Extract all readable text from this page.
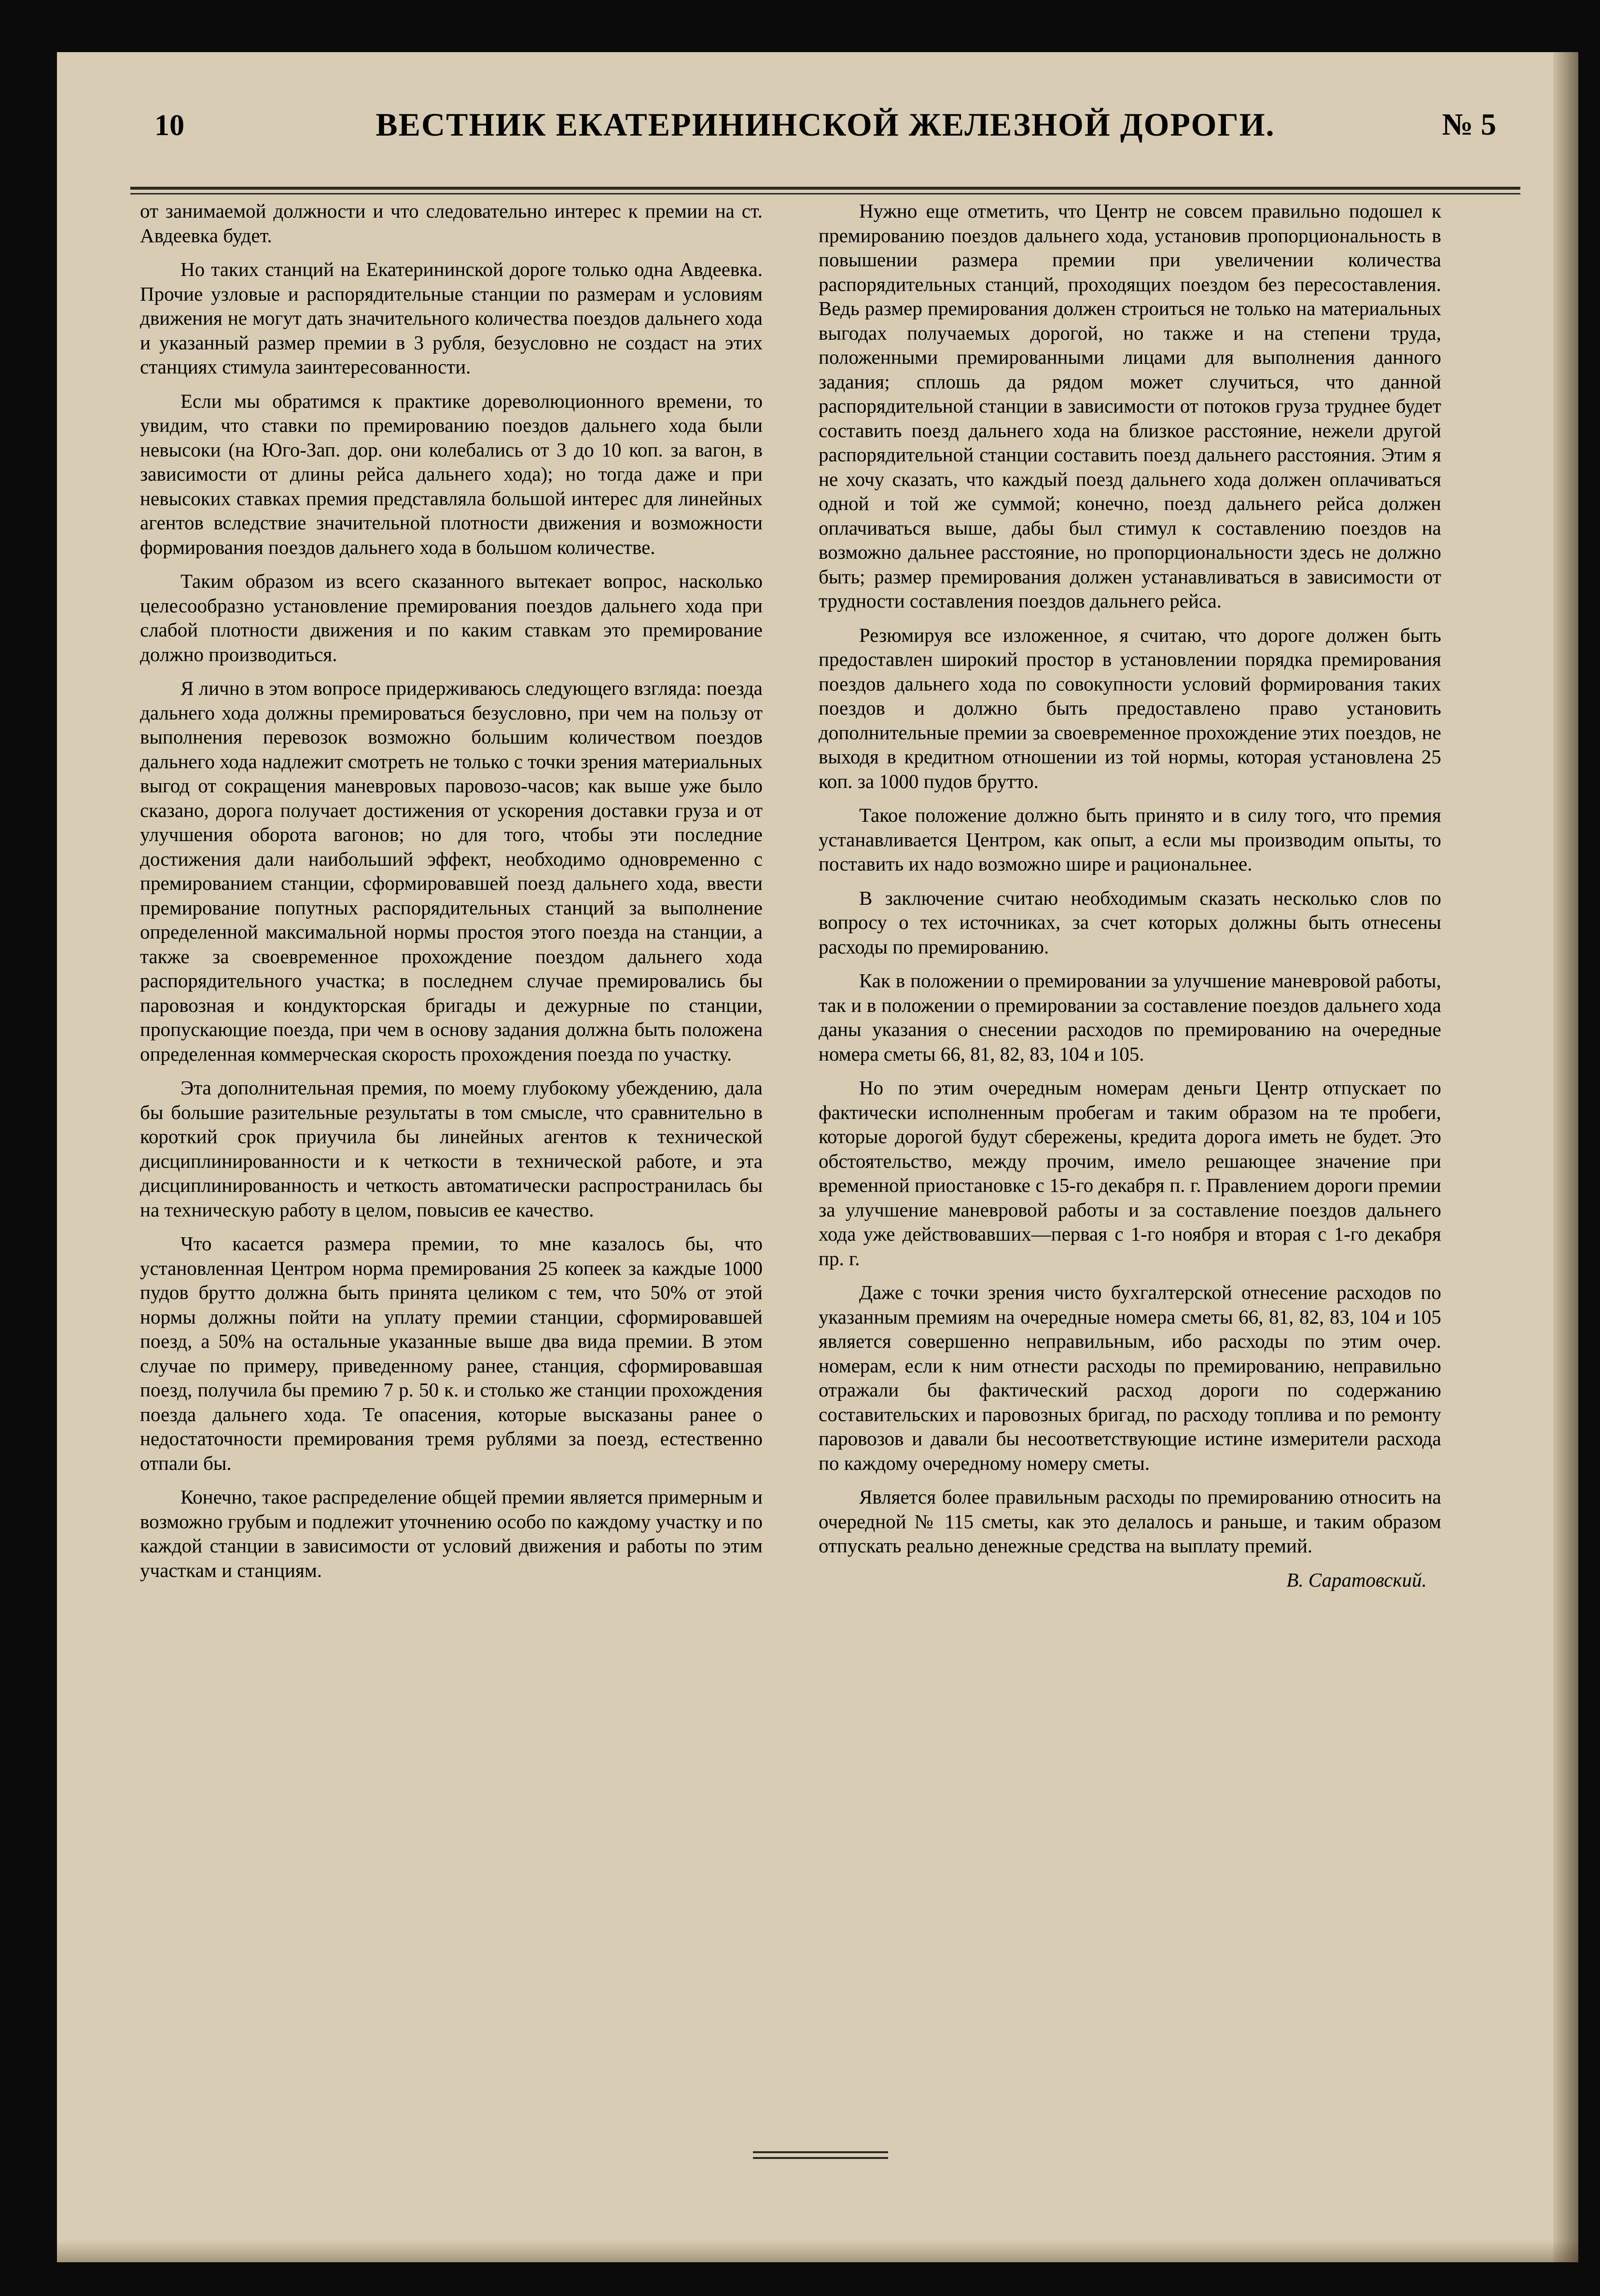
10	ВЕСТНИК ЕКАТЕРИНИНСКОЙ ЖЕЛЕЗНОЙ ДОРОГИ.	№ 5

от занимаемой должности и что следовательно интерес к премии на ст. Авдеевка будет.

Но таких станций на Екатерининской дороге только одна Авдеевка. Прочие узловые и распорядительные станции по размерам и условиям движения не могут дать значительного количества поездов дальнего хода и указанный размер премии в 3 рубля, безусловно не создаст на этих станциях стимула заинтересованности.

Если мы обратимся к практике дореволюционного времени, то увидим, что ставки по премированию поездов дальнего хода были невысоки (на Юго-Зап. дор. они колебались от 3 до 10 коп. за вагон, в зависимости от длины рейса дальнего хода); но тогда даже и при невысоких ставках премия представляла большой интерес для линейных агентов вследствие значительной плотности движения и возможности формирования поездов дальнего хода в большом количестве.

Таким образом из всего сказанного вытекает вопрос, насколько целесообразно установление премирования поездов дальнего хода при слабой плотности движения и по каким ставкам это премирование должно производиться.

Я лично в этом вопросе придерживаюсь следующего взгляда: поезда дальнего хода должны премироваться безусловно, при чем на пользу от выполнения перевозок возможно большим количеством поездов дальнего хода надлежит смотреть не только с точки зрения материальных выгод от сокращения маневровых паровозо-часов; как выше уже было сказано, дорога получает достижения от ускорения доставки груза и от улучшения оборота вагонов; но для того, чтобы эти последние достижения дали наибольший эффект, необходимо одновременно с премированием станции, сформировавшей поезд дальнего хода, ввести премирование попутных распорядительных станций за выполнение определенной максимальной нормы простоя этого поезда на станции, а также за своевременное прохождение поездом дальнего хода распорядительного участка; в последнем случае премировались бы паровозная и кондукторская бригады и дежурные по станции, пропускающие поезда, при чем в основу задания должна быть положена определенная коммерческая скорость прохождения поезда по участку.

Эта дополнительная премия, по моему глубокому убеждению, дала бы большие разительные результаты в том смысле, что сравнительно в короткий срок приучила бы линейных агентов к технической дисциплинированности и к четкости в технической работе, и эта дисциплинированность и четкость автоматически распространилась бы на техническую работу в целом, повысив ее качество.

Что касается размера премии, то мне казалось бы, что установленная Центром норма премирования 25 копеек за каждые 1000 пудов брутто должна быть принята целиком с тем, что 50% от этой нормы должны пойти на уплату премии станции, сформировавшей поезд, а 50% на остальные указанные выше два вида премии. В этом случае по примеру, приведенному ранее, станция, сформировавшая поезд, получила бы премию 7 р. 50 к. и столько же станции прохождения поезда дальнего хода. Те опасения, которые высказаны ранее о недостаточности премирования тремя рублями за поезд, естественно отпали бы.

Конечно, такое распределение общей премии является примерным и возможно грубым и подлежит уточнению особо по каждому участку и по каждой станции в зависимости от условий движения и работы по этим участкам и станциям.

Нужно еще отметить, что Центр не совсем правильно подошел к премированию поездов дальнего хода, установив пропорциональность в повышении размера премии при увеличении количества распорядительных станций, проходящих поездом без пересоставления. Ведь размер премирования должен строиться не только на материальных выгодах получаемых дорогой, но также и на степени труда, положенными премированными лицами для выполнения данного задания; сплошь да рядом может случиться, что данной распорядительной станции в зависимости от потоков груза труднее будет составить поезд дальнего хода на близкое расстояние, нежели другой распорядительной станции составить поезд дальнего расстояния. Этим я не хочу сказать, что каждый поезд дальнего хода должен оплачиваться одной и той же суммой; конечно, поезд дальнего рейса должен оплачиваться выше, дабы был стимул к составлению поездов на возможно дальнее расстояние, но пропорциональности здесь не должно быть; размер премирования должен устанавливаться в зависимости от трудности составления поездов дальнего рейса.

Резюмируя все изложенное, я считаю, что дороге должен быть предоставлен широкий простор в установлении порядка премирования поездов дальнего хода по совокупности условий формирования таких поездов и должно быть предоставлено право установить дополнительные премии за своевременное прохождение этих поездов, не выходя в кредитном отношении из той нормы, которая установлена 25 коп. за 1000 пудов брутто.

Такое положение должно быть принято и в силу того, что премия устанавливается Центром, как опыт, а если мы производим опыты, то поставить их надо возможно шире и рациональнее.

В заключение считаю необходимым сказать несколько слов по вопросу о тех источниках, за счет которых должны быть отнесены расходы по премированию.

Как в положении о премировании за улучшение маневровой работы, так и в положении о премировании за составление поездов дальнего хода даны указания о снесении расходов по премированию на очередные номера сметы 66, 81, 82, 83, 104 и 105.

Но по этим очередным номерам деньги Центр отпускает по фактически исполненным пробегам и таким образом на те пробеги, которые дорогой будут сбережены, кредита дорога иметь не будет. Это обстоятельство, между прочим, имело решающее значение при временной приостановке с 15-го декабря п. г. Правлением дороги премии за улучшение маневровой работы и за составление поездов дальнего хода уже действовавших—первая с 1-го ноября и вторая с 1-го декабря пр. г.

Даже с точки зрения чисто бухгалтерской отнесение расходов по указанным премиям на очередные номера сметы 66, 81, 82, 83, 104 и 105 является совершенно неправильным, ибо расходы по этим очер. номерам, если к ним отнести расходы по премированию, неправильно отражали бы фактический расход дороги по содержанию составительских и паровозных бригад, по расходу топлива и по ремонту паровозов и давали бы несоответствующие истине измерители расхода по каждому очередному номеру сметы.

Является более правильным расходы по премированию относить на очередной № 115 сметы, как это делалось и раньше, и таким образом отпускать реально денежные средства на выплату премий.

В. Саратовский.
